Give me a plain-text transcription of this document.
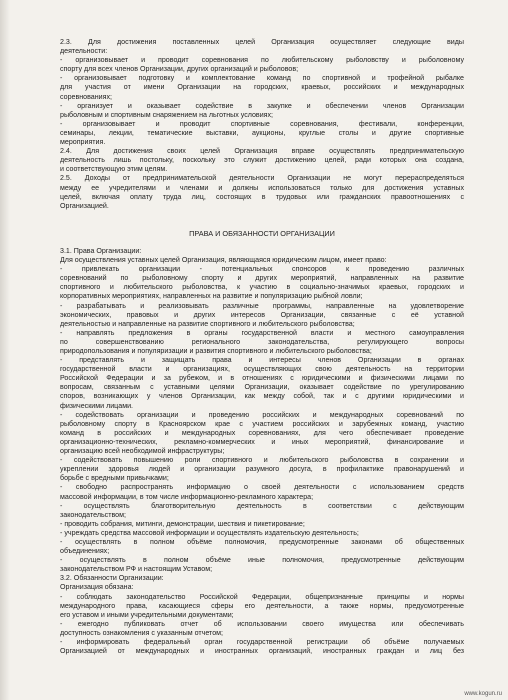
2.3. Для достижения поставленных целей Организация осуществляет следующие виды
деятельности:
- организовывает и проводит соревнования по любительскому рыболовству и рыболовному
спорту для всех членов Организации, других организаций и рыболовов;
- организовывает подготовку и комплектование команд по спортивной и трофейной рыбалке
для участия от имени Организации на городских, краевых, российских и международных
соревнованиях;
- организует и оказывает содействие в закупке и обеспечении членов Организации
рыболовным и спортивным снаряжением на льготных условиях;
- организовывает и проводит спортивные соревнования, фестивали, конференции,
семинары, лекции, тематические выставки, аукционы, круглые столы и другие спортивные
мероприятия.
2.4. Для достижения своих целей Организация вправе осуществлять предпринимательскую
деятельность лишь постольку, поскольку это служит достижению целей, ради которых она создана,
и соответствующую этим целям.
2.5. Доходы от предпринимательской деятельности Организации не могут перераспределяться
между ее учредителями и членами и должны использоваться только для достижения уставных
целей, включая оплату труда лиц, состоящих в трудовых или гражданских правоотношениях с
Организацией.

ПРАВА И ОБЯЗАННОСТИ ОРГАНИЗАЦИИ

3.1. Права Организации:
Для осуществления уставных целей Организация, являющаяся юридическим лицом, имеет право:
- привлекать организации - потенциальных спонсоров к проведению различных
соревнований по рыболовному спорту и других мероприятий, направленных на развитие
спортивного и любительского рыболовства, к участию в социально-значимых краевых, городских и
корпоративных мероприятиях, направленных на развитие и популяризацию рыбной ловли;
- разрабатывать и реализовывать различные программы, направленные на удовлетворение
экономических, правовых и других интересов Организации, связанные с её уставной
деятельностью и направленные на развитие спортивного и любительского рыболовства;
- направлять предложения в органы государственной власти и местного самоуправления
по совершенствованию регионального законодательства, регулирующего вопросы
природопользования и популяризации и развития спортивного и любительского рыболовства;
- представлять и защищать права и интересы членов Организации в органах
государственной власти и организациях, осуществляющих свою деятельность на территории
Российской Федерации и за рубежом, и в отношениях с юридическими и физическими лицами по
вопросам, связанным с уставными целями Организации, оказывает содействие по урегулированию
споров, возникающих у членов Организации, как между собой, так и с другими юридическими и
физическими лицами.
- содействовать организации и проведению российских и международных соревнований по
рыболовному спорту в Красноярском крае с участием российских и зарубежных команд, участию
команд в российских и международных соревнованиях, для чего обеспечивает проведение
организационно-технических, рекламно-коммерческих и иных мероприятий, финансирование и
организацию всей необходимой инфраструктуры;
- содействовать повышению роли спортивного и любительского рыболовства в сохранении и
укреплении здоровья людей и организации разумного досуга, в профилактике правонарушений и
борьбе с вредными привычками;
- свободно распространять информацию о своей деятельности с использованием средств
массовой информации, в том числе информационно-рекламного характера;
- осуществлять благотворительную деятельность в соответствии с действующим
законодательством;
- проводить собрания, митинги, демонстрации, шествия и пикетирование;
- учреждать средства массовой информации и осуществлять издательскую деятельность;
- осуществлять в полном объёме полномочия, предусмотренные законами об общественных
объединениях;
- осуществлять в полном объёме иные полномочия, предусмотренные действующим
законодательством РФ и настоящим Уставом;
3.2. Обязанности Организации:
Организация обязана:
- соблюдать законодательство Российской Федерации, общепризнанные принципы и нормы
международного права, касающиеся сферы его деятельности, а также нормы, предусмотренные
его уставом и иными учредительными документами;
- ежегодно публиковать отчет об использовании своего имущества или обеспечивать
доступность ознакомления с указанным отчетом;
- информировать федеральный орган государственной регистрации об объёме получаемых
Организацией от международных и иностранных организаций, иностранных граждан и лиц без
www.kogun.ru
